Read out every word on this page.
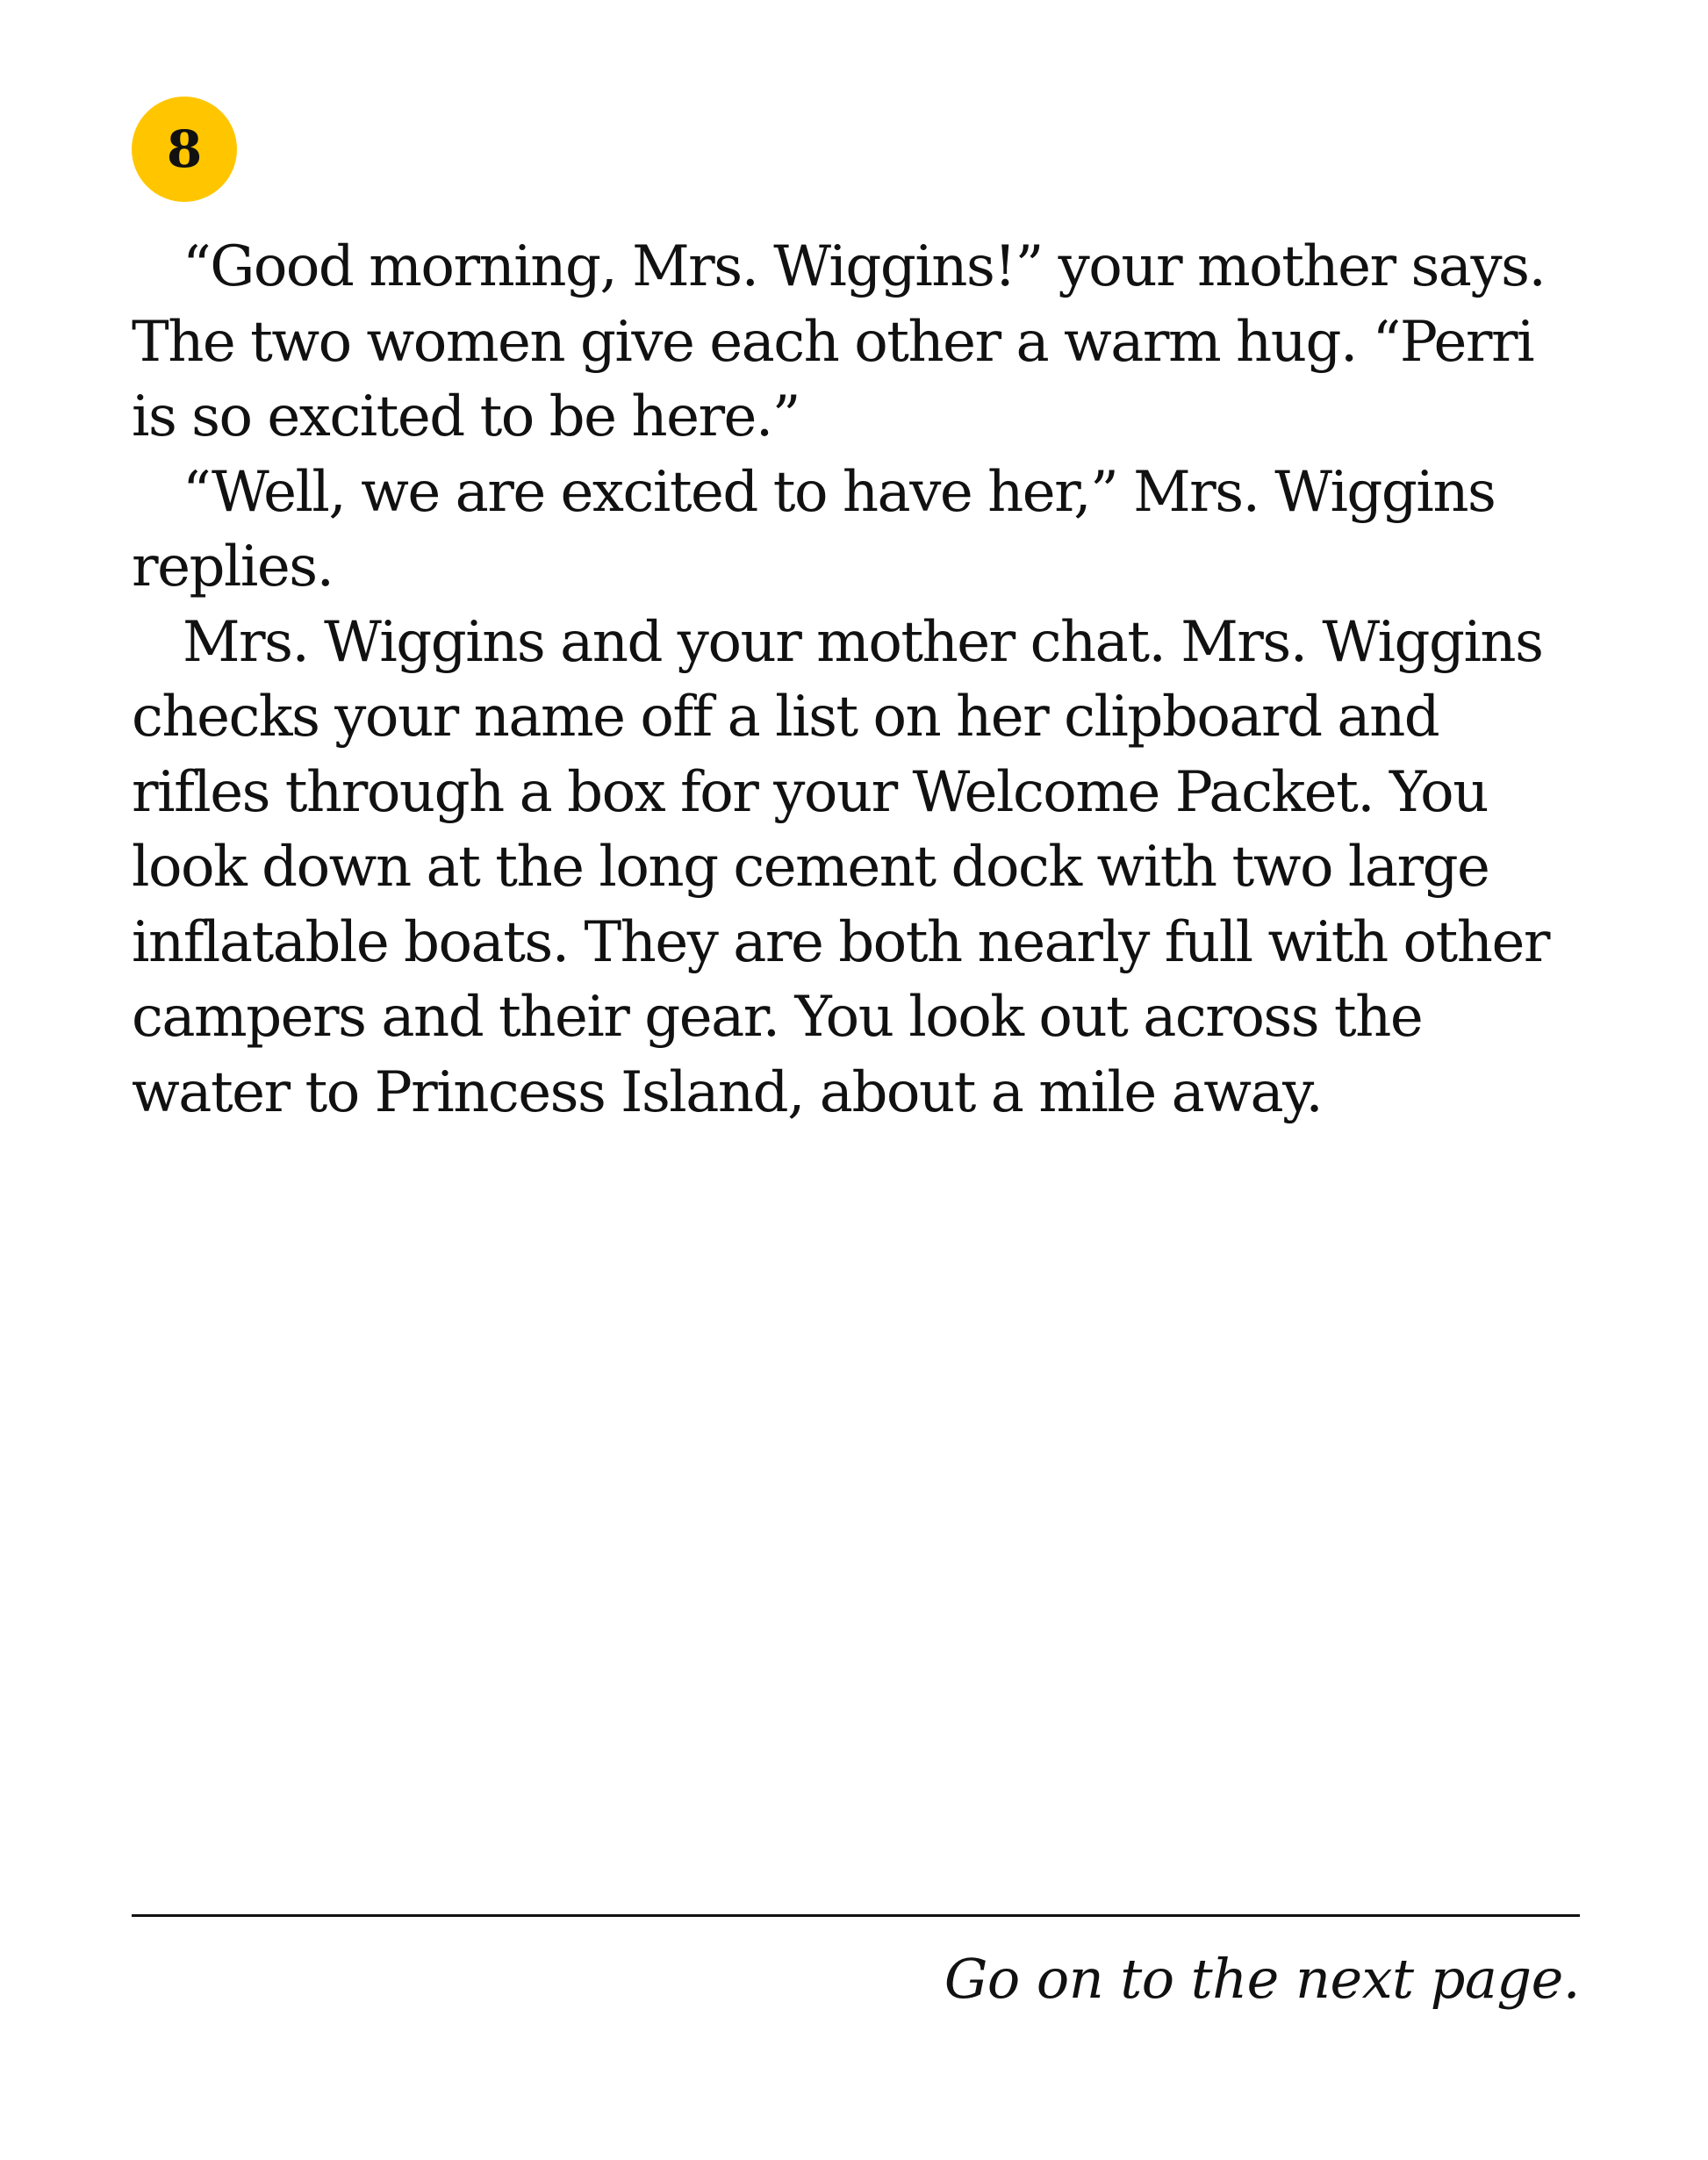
8

“Good morning, Mrs. Wiggins!” your mother says.
The two women give each other a warm hug. “Perri
is so excited to be here.”

“Well, we are excited to have her,” Mrs. Wiggins
replies.

Mrs. Wiggins and your mother chat. Mrs. Wiggins
checks your name off a list on her clipboard and
rifles through a box for your Welcome Packet. You
look down at the long cement dock with two large
inflatable boats. They are both nearly full with other
campers and their gear. You look out across the
water to Princess Island, about a mile away.

Go on to the next page.
